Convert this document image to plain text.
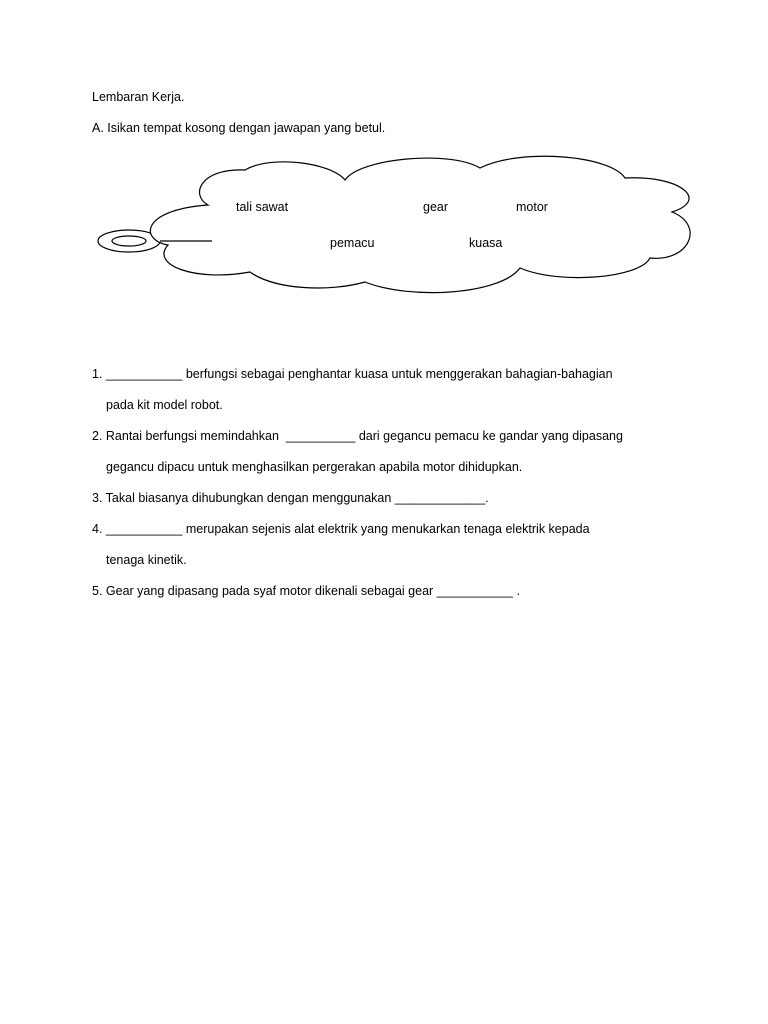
Lembaran Kerja.
A. Isikan tempat kosong dengan jawapan yang betul.
tali sawat	gear	motor
pemacu	kuasa
1. ___________ berfungsi sebagai penghantar kuasa untuk menggerakan bahagian-bahagian
pada kit model robot.
2. Rantai berfungsi memindahkan  __________ dari gegancu pemacu ke gandar yang dipasang
gegancu dipacu untuk menghasilkan pergerakan apabila motor dihidupkan.
3. Takal biasanya dihubungkan dengan menggunakan _____________.
4. ___________ merupakan sejenis alat elektrik yang menukarkan tenaga elektrik kepada
tenaga kinetik.
5. Gear yang dipasang pada syaf motor dikenali sebagai gear ___________ .
